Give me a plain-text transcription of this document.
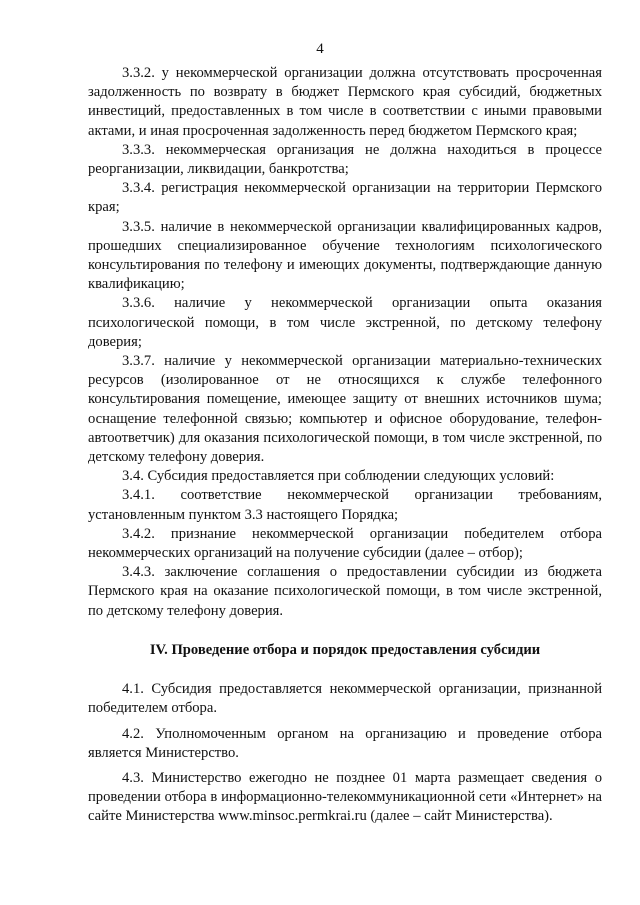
4

3.3.2. у некоммерческой организации должна отсутствовать просроченная задолженность по возврату в бюджет Пермского края субсидий, бюджетных инвестиций, предоставленных в том числе в соответствии с иными правовыми актами, и иная просроченная задолженность перед бюджетом Пермского края;

3.3.3. некоммерческая организация не должна находиться в процессе реорганизации, ликвидации, банкротства;

3.3.4. регистрация некоммерческой организации на территории Пермского края;

3.3.5. наличие в некоммерческой организации квалифицированных кадров, прошедших специализированное обучение технологиям психологического консультирования по телефону и имеющих документы, подтверждающие данную квалификацию;

3.3.6. наличие у некоммерческой организации опыта оказания психологической помощи, в том числе экстренной, по детскому телефону доверия;

3.3.7. наличие у некоммерческой организации материально-технических ресурсов (изолированное от не относящихся к службе телефонного консультирования помещение, имеющее защиту от внешних источников шума; оснащение телефонной связью; компьютер и офисное оборудование, телефон-автоответчик) для оказания психологической помощи, в том числе экстренной, по детскому телефону доверия.

3.4. Субсидия предоставляется при соблюдении следующих условий:

3.4.1. соответствие некоммерческой организации требованиям, установленным пунктом 3.3 настоящего Порядка;

3.4.2. признание некоммерческой организации победителем отбора некоммерческих организаций на получение субсидии (далее – отбор);

3.4.3. заключение соглашения о предоставлении субсидии из бюджета Пермского края на оказание психологической помощи, в том числе экстренной, по детскому телефону доверия.

IV. Проведение отбора и порядок предоставления субсидии

4.1. Субсидия предоставляется некоммерческой организации, признанной победителем отбора.

4.2. Уполномоченным органом на организацию и проведение отбора является Министерство.

4.3. Министерство ежегодно не позднее 01 марта размещает сведения о проведении отбора в информационно-телекоммуникационной сети «Интернет» на сайте Министерства www.minsoc.permkrai.ru (далее – сайт Министерства).
